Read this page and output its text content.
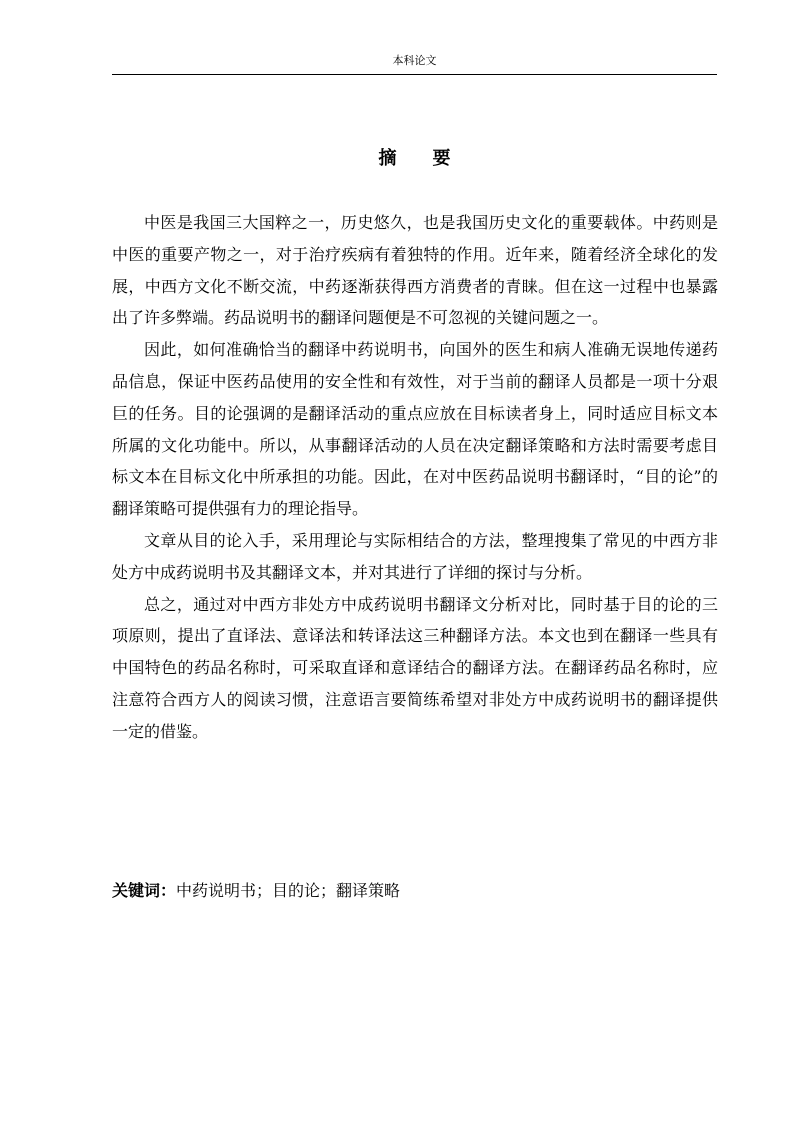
本科论文
摘要

中医是我国三大国粹之一，历史悠久，也是我国历史文化的重要载体。中药则是中医的重要产物之一，对于治疗疾病有着独特的作用。近年来，随着经济全球化的发展，中西方文化不断交流，中药逐渐获得西方消费者的青睐。但在这一过程中也暴露出了许多弊端。药品说明书的翻译问题便是不可忽视的关键问题之一。

因此，如何准确恰当的翻译中药说明书，向国外的医生和病人准确无误地传递药品信息，保证中医药品使用的安全性和有效性，对于当前的翻译人员都是一项十分艰巨的任务。目的论强调的是翻译活动的重点应放在目标读者身上，同时适应目标文本所属的文化功能中。所以，从事翻译活动的人员在决定翻译策略和方法时需要考虑目标文本在目标文化中所承担的功能。因此，在对中医药品说明书翻译时，“目的论”的翻译策略可提供强有力的理论指导。

文章从目的论入手，采用理论与实际相结合的方法，整理搜集了常见的中西方非处方中成药说明书及其翻译文本，并对其进行了详细的探讨与分析。

总之，通过对中西方非处方中成药说明书翻译文分析对比，同时基于目的论的三项原则，提出了直译法、意译法和转译法这三种翻译方法。本文也到在翻译一些具有中国特色的药品名称时，可采取直译和意译结合的翻译方法。在翻译药品名称时，应注意符合西方人的阅读习惯，注意语言要简练希望对非处方中成药说明书的翻译提供一定的借鉴。

关键词：中药说明书；目的论；翻译策略
